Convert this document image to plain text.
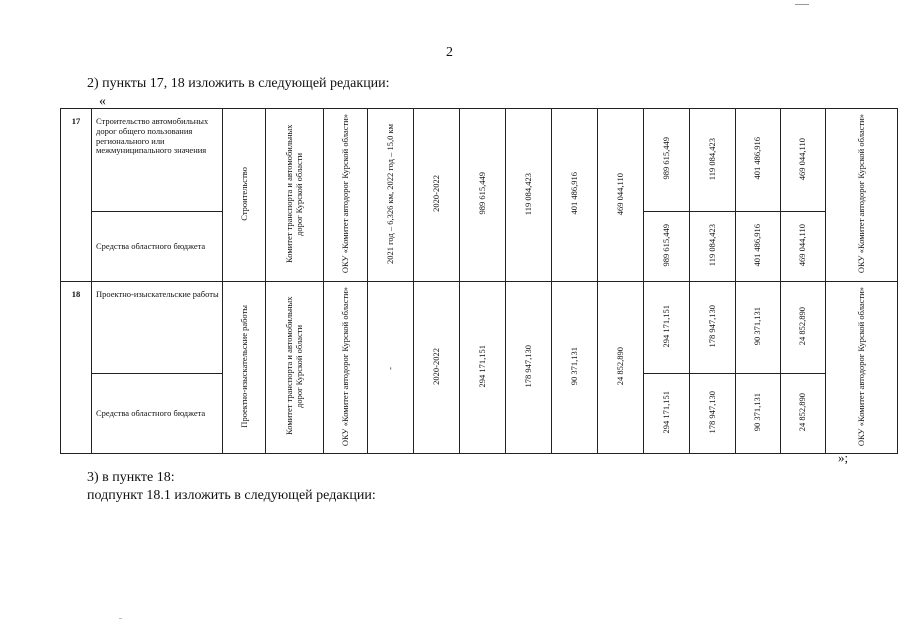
2
2) пункты 17, 18 изложить в следующей редакции:
«
17	Строительство автомобильных дорог общего пользования регионального или межмуниципального значения	Строительство	Комитет транспорта и автомобильных дорог Курской области	ОКУ «Комитет автодорог Курской области»	2021 год – 6,326 км, 2022 год – 15,0 км	2020-2022	989 615,449	119 084,423	401 486,916	469 044,110	989 615,449	119 084,423	401 486,916	469 044,110	ОКУ «Комитет автодорог Курской области»
	Средства областного бюджета										989 615,449	119 084,423	401 486,916	469 044,110	
18	Проектно-изыскательские работы	Проектно-изыскательские работы	Комитет транспорта и автомобильных дорог Курской области	ОКУ «Комитет автодорог Курской области»	-	2020-2022	294 171,151	178 947,130	90 371,131	24 852,890	294 171,151	178 947,130	90 371,131	24 852,890	ОКУ «Комитет автодорог Курской области»
	Средства областного бюджета										294 171,151	178 947,130	90 371,131	24 852,890	
»;
3) в пункте 18:
подпункт 18.1 изложить в следующей редакции:
